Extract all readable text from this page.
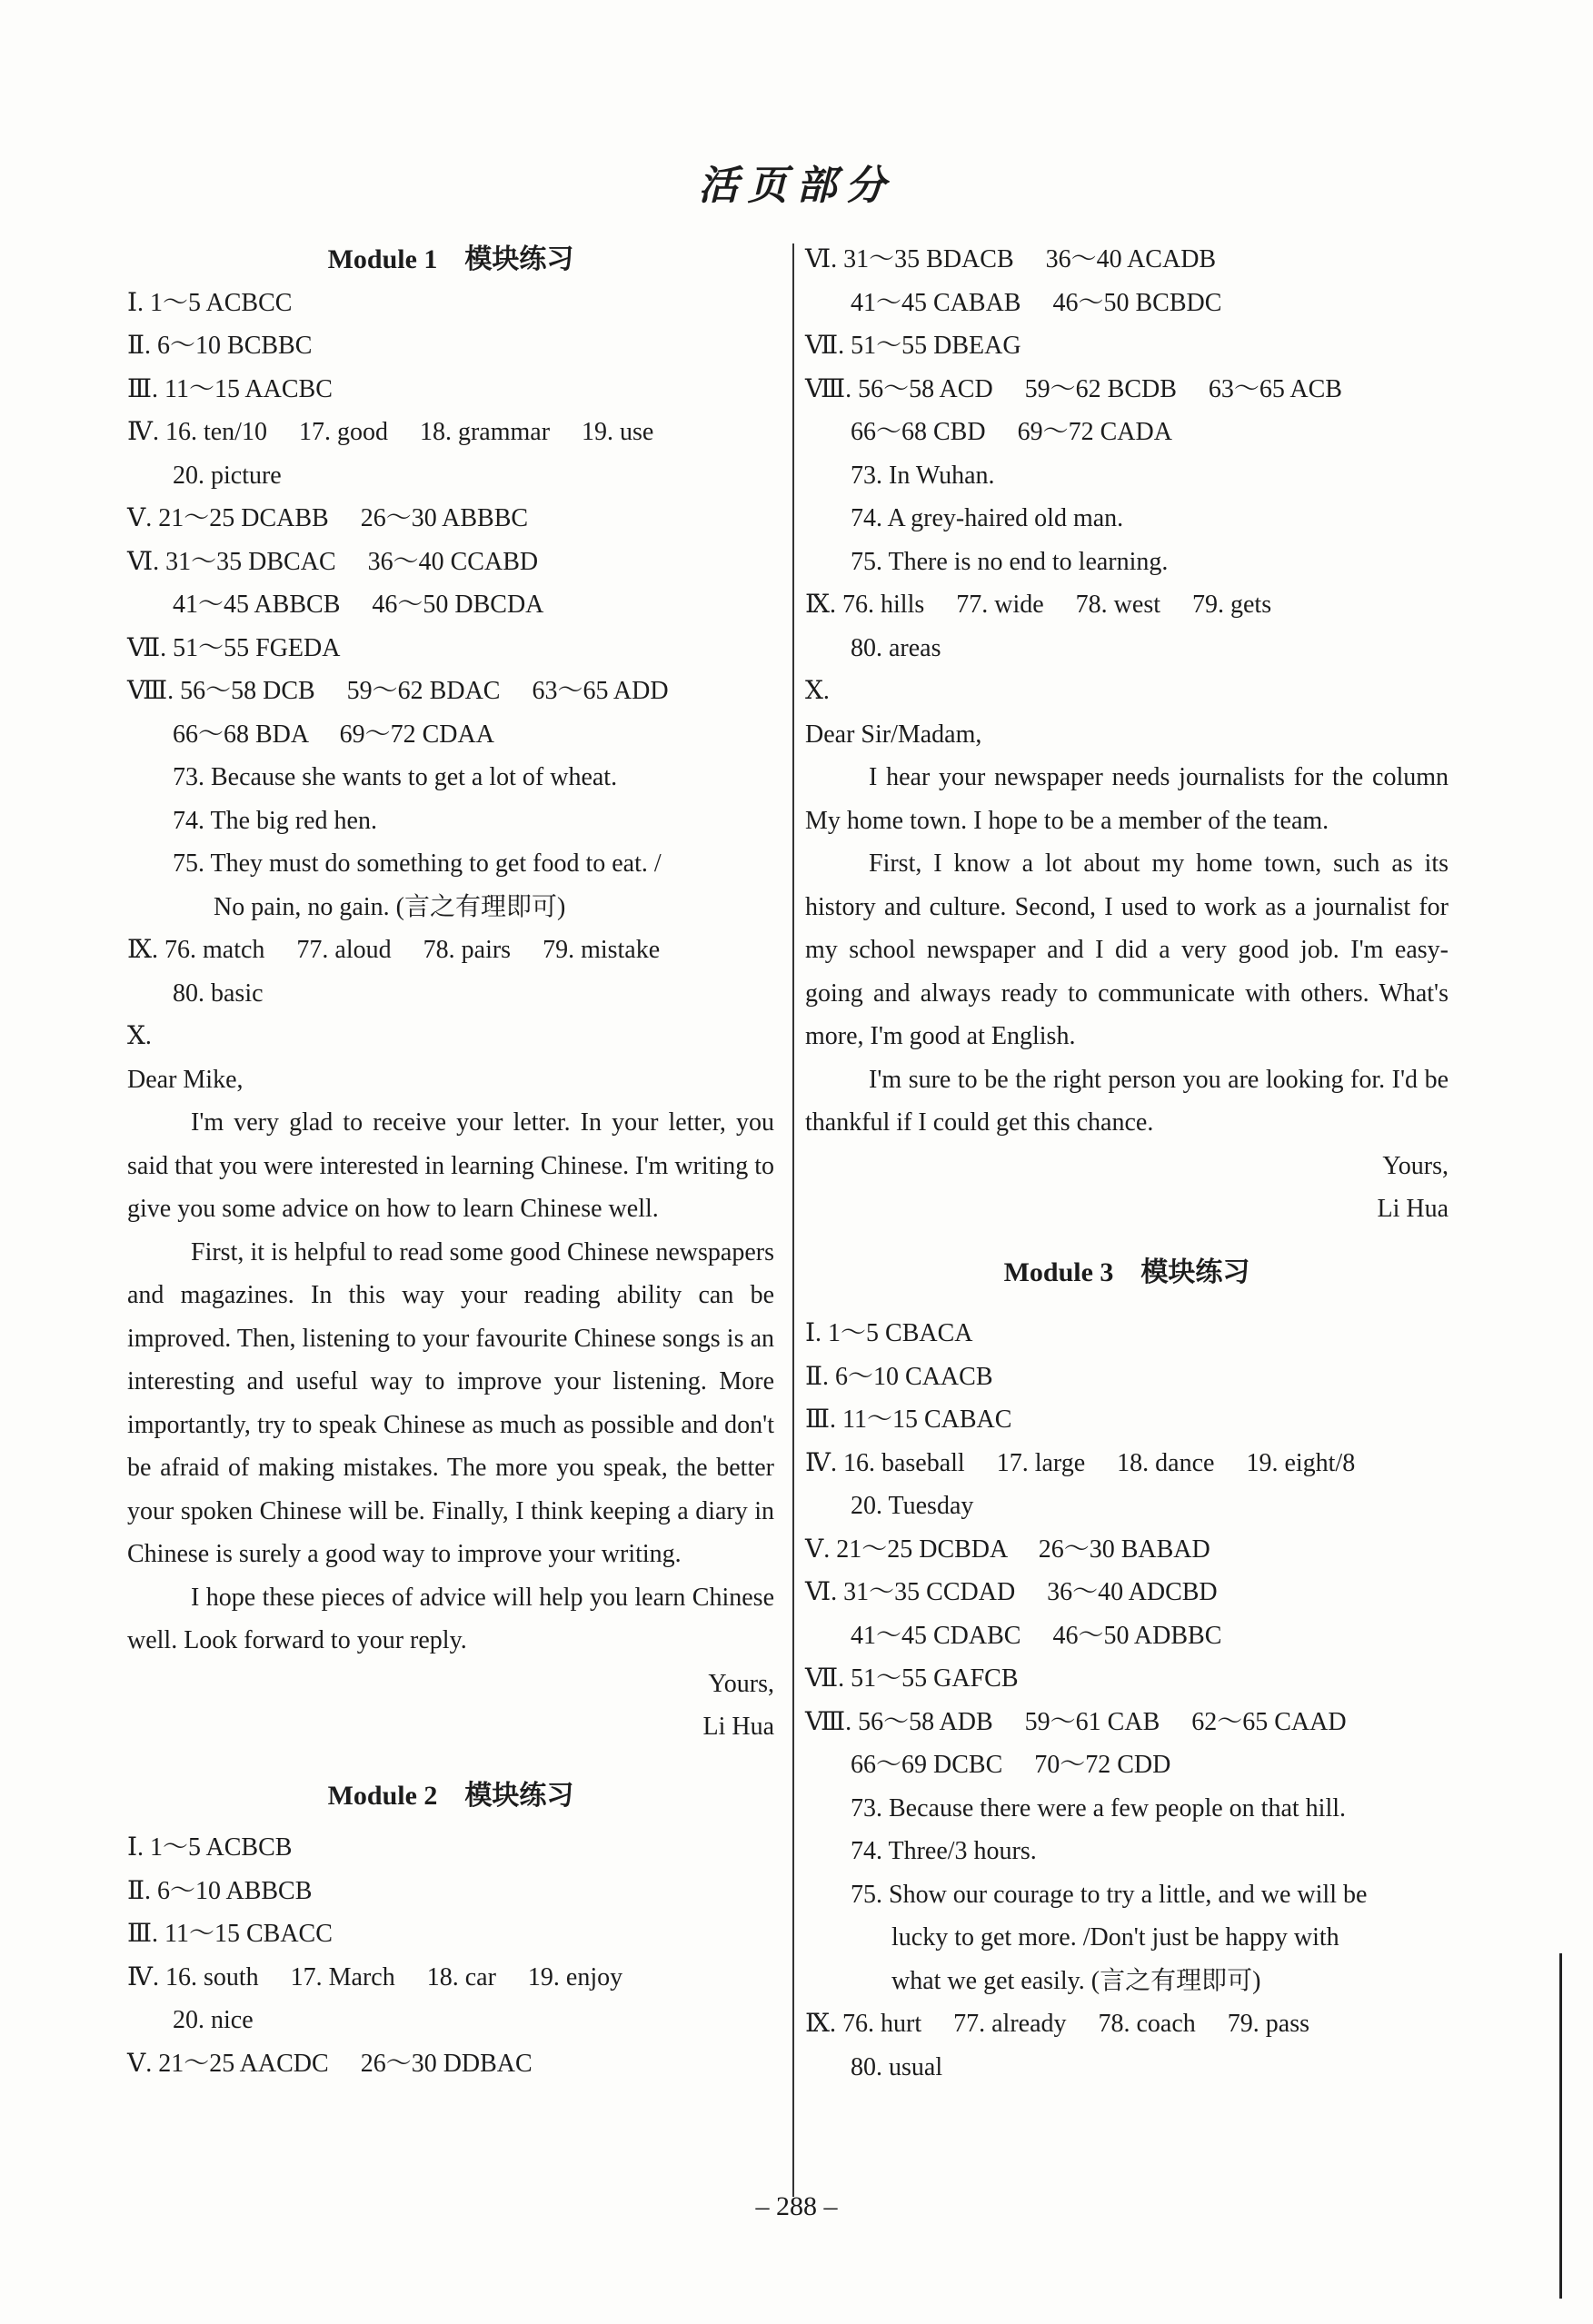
活页部分
Module 1　模块练习
Ⅰ. 1～5 ACBCC
Ⅱ. 6～10 BCBBC
Ⅲ. 11～15 AACBC
Ⅳ. 16. ten/10　 17. good　 18. grammar　 19. use
20. picture
Ⅴ. 21～25 DCABB　 26～30 ABBBC
Ⅵ. 31～35 DBCAC　 36～40 CCABD
41～45 ABBCB　 46～50 DBCDA
Ⅶ. 51～55 FGEDA
Ⅷ. 56～58 DCB　 59～62 BDAC　 63～65 ADD
66～68 BDA　 69～72 CDAA
73. Because she wants to get a lot of wheat.
74. The big red hen.
75. They must do something to get food to eat. /
No pain, no gain. (言之有理即可)
Ⅸ. 76. match　 77. aloud　 78. pairs　 79. mistake
80. basic
Ⅹ.

Dear Mike,

I'm very glad to receive your letter. In your letter, you said that you were interested in learning Chinese. I'm writing to give you some advice on how to learn Chinese well.

First, it is helpful to read some good Chinese newspapers and magazines. In this way your reading ability can be improved. Then, listening to your favourite Chinese songs is an interesting and useful way to improve your listening. More importantly, try to speak Chinese as much as possible and don't be afraid of making mistakes. The more you speak, the better your spoken Chinese will be. Finally, I think keeping a diary in Chinese is surely a good way to improve your writing.

I hope these pieces of advice will help you learn Chinese well. Look forward to your reply.

Yours,
Li Hua
Module 2　模块练习
Ⅰ. 1～5 ACBCB
Ⅱ. 6～10 ABBCB
Ⅲ. 11～15 CBACC
Ⅳ. 16. south　 17. March　 18. car　 19. enjoy
20. nice
Ⅴ. 21～25 AACDC　 26～30 DDBAC
Ⅵ. 31～35 BDACB　 36～40 ACADB
41～45 CABAB　 46～50 BCBDC
Ⅶ. 51～55 DBEAG
Ⅷ. 56～58 ACD　 59～62 BCDB　 63～65 ACB
66～68 CBD　 69～72 CADA
73. In Wuhan.
74. A grey-haired old man.
75. There is no end to learning.
Ⅸ. 76. hills　 77. wide　 78. west　 79. gets
80. areas
Ⅹ.

Dear Sir/Madam,

I hear your newspaper needs journalists for the column My home town. I hope to be a member of the team.

First, I know a lot about my home town, such as its history and culture. Second, I used to work as a journalist for my school newspaper and I did a very good job. I'm easy-going and always ready to communicate with others. What's more, I'm good at English.

I'm sure to be the right person you are looking for. I'd be thankful if I could get this chance.

Yours,
Li Hua
Module 3　模块练习
Ⅰ. 1～5 CBACA
Ⅱ. 6～10 CAACB
Ⅲ. 11～15 CABAC
Ⅳ. 16. baseball　 17. large　 18. dance　 19. eight/8
20. Tuesday
Ⅴ. 21～25 DCBDA　 26～30 BABAD
Ⅵ. 31～35 CCDAD　 36～40 ADCBD
41～45 CDABC　 46～50 ADBBC
Ⅶ. 51～55 GAFCB
Ⅷ. 56～58 ADB　 59～61 CAB　 62～65 CAAD
66～69 DCBC　 70～72 CDD
73. Because there were a few people on that hill.
74. Three/3 hours.
75. Show our courage to try a little, and we will be
lucky to get more. /Don't just be happy with
what we get easily. (言之有理即可)
Ⅸ. 76. hurt　 77. already　 78. coach　 79. pass
80. usual
– 288 –
